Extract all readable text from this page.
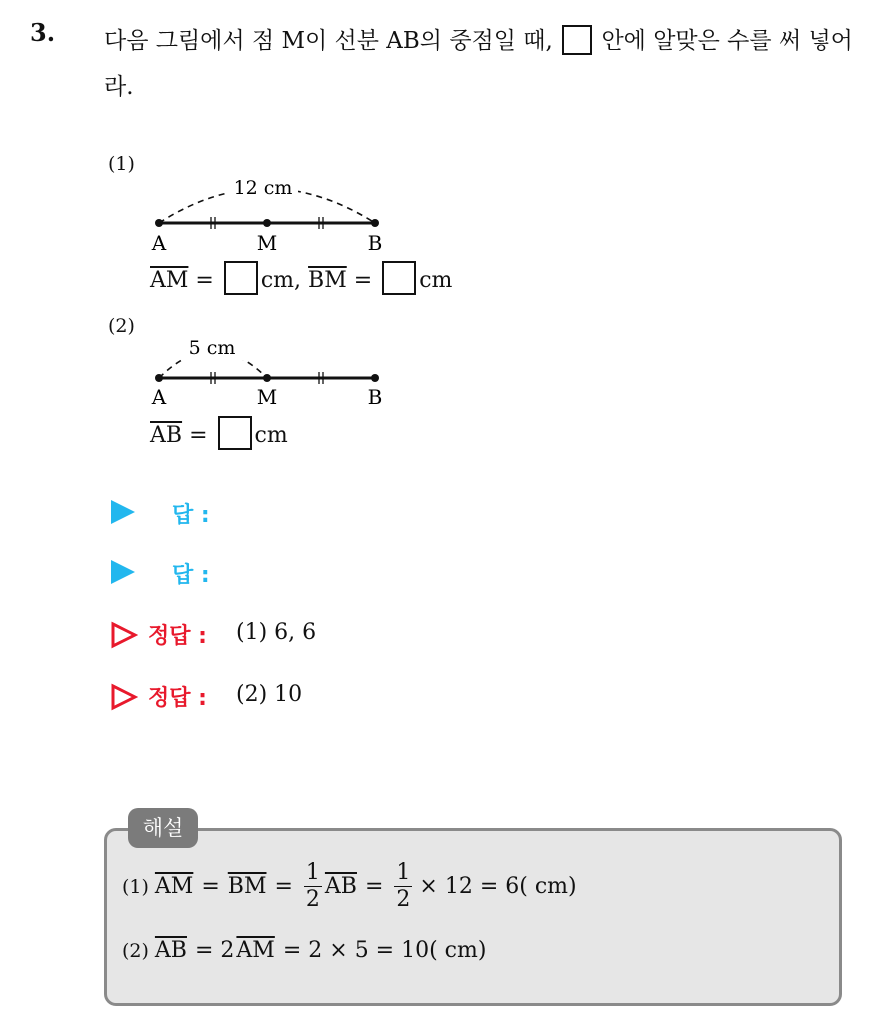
3. 다음 그림에서 점 M이 선분 AB의 중점일 때, 안에 알맞은 수를 써 넣어라.
(1)
12 cm
A	M	B
$\overline{AM}$ = cm, $\overline{BM}$ = cm
(2)
5 cm
A	M	B
$\overline{AB}$ = cm
답 :
답 :
정답 : (1) 6, 6
정답 : (2) 10
해설
(1) $\overline{AM} = \overline{BM} = \frac{1}{2} \overline{AB} = \frac{1}{2} \times 12 = 6$( cm)
(2) $\overline{AB} = 2$ $\overline{AM} = 2 \times 5 = 10$( cm)
